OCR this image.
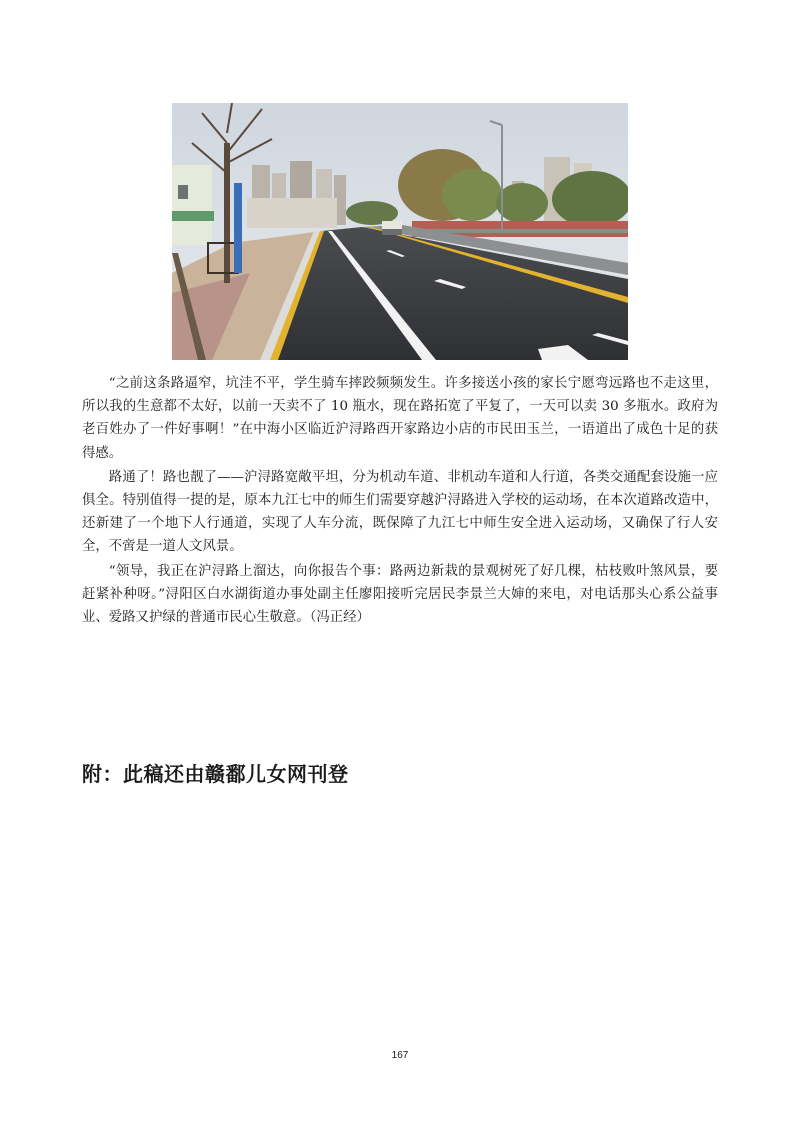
“之前这条路逼窄，坑洼不平，学生骑车摔跤频频发生。许多接送小孩的家长宁愿弯远路也不走这里，所以我的生意都不太好，以前一天卖不了 10 瓶水，现在路拓宽了平复了，一天可以卖 30 多瓶水。政府为老百姓办了一件好事啊！”在中海小区临近沪浔路西开家路边小店的市民田玉兰，一语道出了成色十足的获得感。

路通了！路也靓了——沪浔路宽敞平坦，分为机动车道、非机动车道和人行道，各类交通配套设施一应俱全。特别值得一提的是，原本九江七中的师生们需要穿越沪浔路进入学校的运动场，在本次道路改造中，还新建了一个地下人行通道，实现了人车分流，既保障了九江七中师生安全进入运动场，又确保了行人安全，不啻是一道人文风景。

“领导，我正在沪浔路上溜达，向你报告个事：路两边新栽的景观树死了好几棵，枯枝败叶煞风景，要赶紧补种呀。”浔阳区白水湖街道办事处副主任廖阳接听完居民李景兰大婶的来电，对电话那头心系公益事业、爱路又护绿的普通市民心生敬意。（冯正经）

附：此稿还由赣鄱儿女网刊登
167
